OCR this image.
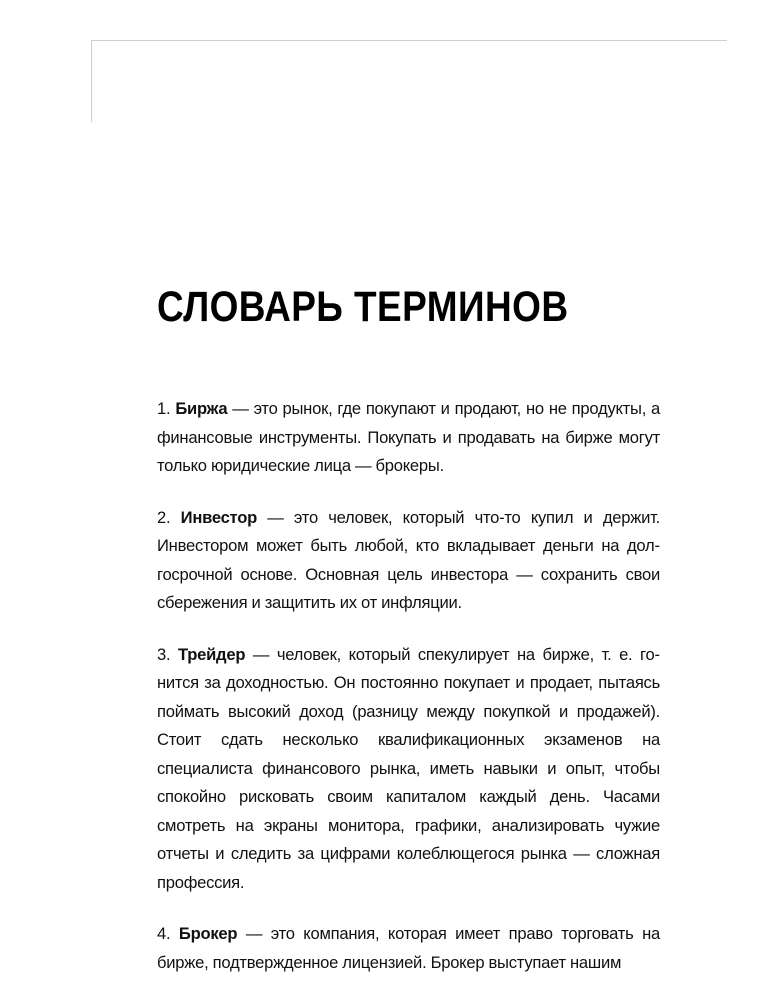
СЛОВАРЬ ТЕРМИНОВ

1. Биржа — это рынок, где покупают и продают, но не продукты, а финансовые инструменты. Покупать и продавать на бирже могут только юридические лица — брокеры.

2. Инвестор — это человек, который что-то купил и держит. Инвестором может быть любой, кто вкладывает деньги на долгосрочной основе. Основная цель инвестора — сохранить свои сбережения и защитить их от инфляции.

3. Трейдер — человек, который спекулирует на бирже, т. е. гонится за доходностью. Он постоянно покупает и продает, пытаясь поймать высокий доход (разницу между покупкой и продажей). Стоит сдать несколько квалификационных экзаменов на специалиста финансового рынка, иметь навыки и опыт, чтобы спокойно рисковать своим капиталом каждый день. Часами смотреть на экраны монитора, графики, анализировать чужие отчеты и следить за цифрами колеблющегося рынка — сложная профессия.

4. Брокер — это компания, которая имеет право торговать на бирже, подтвержденное лицензией. Брокер выступает нашим
